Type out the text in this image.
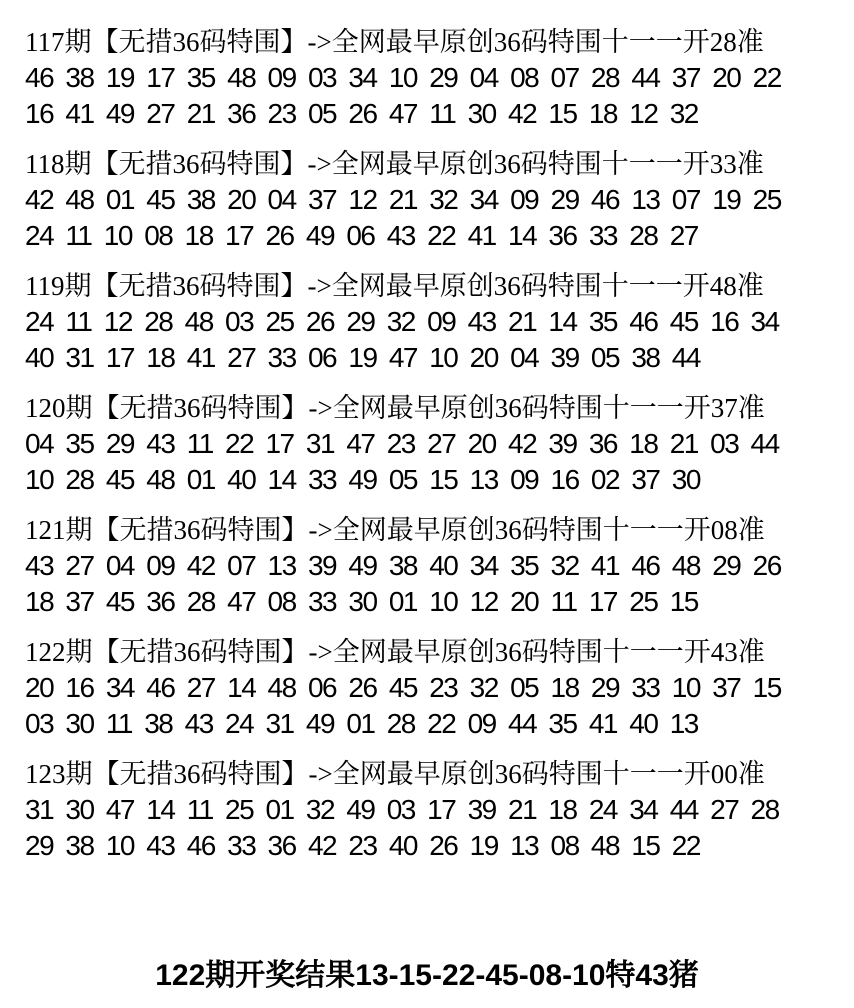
117期【无措36码特围】->全网最早原创36码特围十一一开28准
46 38 19 17 35 48 09 03 34 10 29 04 08 07 28 44 37 20 22
16 41 49 27 21 36 23 05 26 47 11 30 42 15 18 12 32
118期【无措36码特围】->全网最早原创36码特围十一一开33准
42 48 01 45 38 20 04 37 12 21 32 34 09 29 46 13 07 19 25
24 11 10 08 18 17 26 49 06 43 22 41 14 36 33 28 27
119期【无措36码特围】->全网最早原创36码特围十一一开48准
24 11 12 28 48 03 25 26 29 32 09 43 21 14 35 46 45 16 34
40 31 17 18 41 27 33 06 19 47 10 20 04 39 05 38 44
120期【无措36码特围】->全网最早原创36码特围十一一开37准
04 35 29 43 11 22 17 31 47 23 27 20 42 39 36 18 21 03 44
10 28 45 48 01 40 14 33 49 05 15 13 09 16 02 37 30
121期【无措36码特围】->全网最早原创36码特围十一一开08准
43 27 04 09 42 07 13 39 49 38 40 34 35 32 41 46 48 29 26
18 37 45 36 28 47 08 33 30 01 10 12 20 11 17 25 15
122期【无措36码特围】->全网最早原创36码特围十一一开43准
20 16 34 46 27 14 48 06 26 45 23 32 05 18 29 33 10 37 15
03 30 11 38 43 24 31 49 01 28 22 09 44 35 41 40 13
123期【无措36码特围】->全网最早原创36码特围十一一开00准
31 30 47 14 11 25 01 32 49 03 17 39 21 18 24 34 44 27 28
29 38 10 43 46 33 36 42 23 40 26 19 13 08 48 15 22
122期开奖结果13-15-22-45-08-10特43猪
